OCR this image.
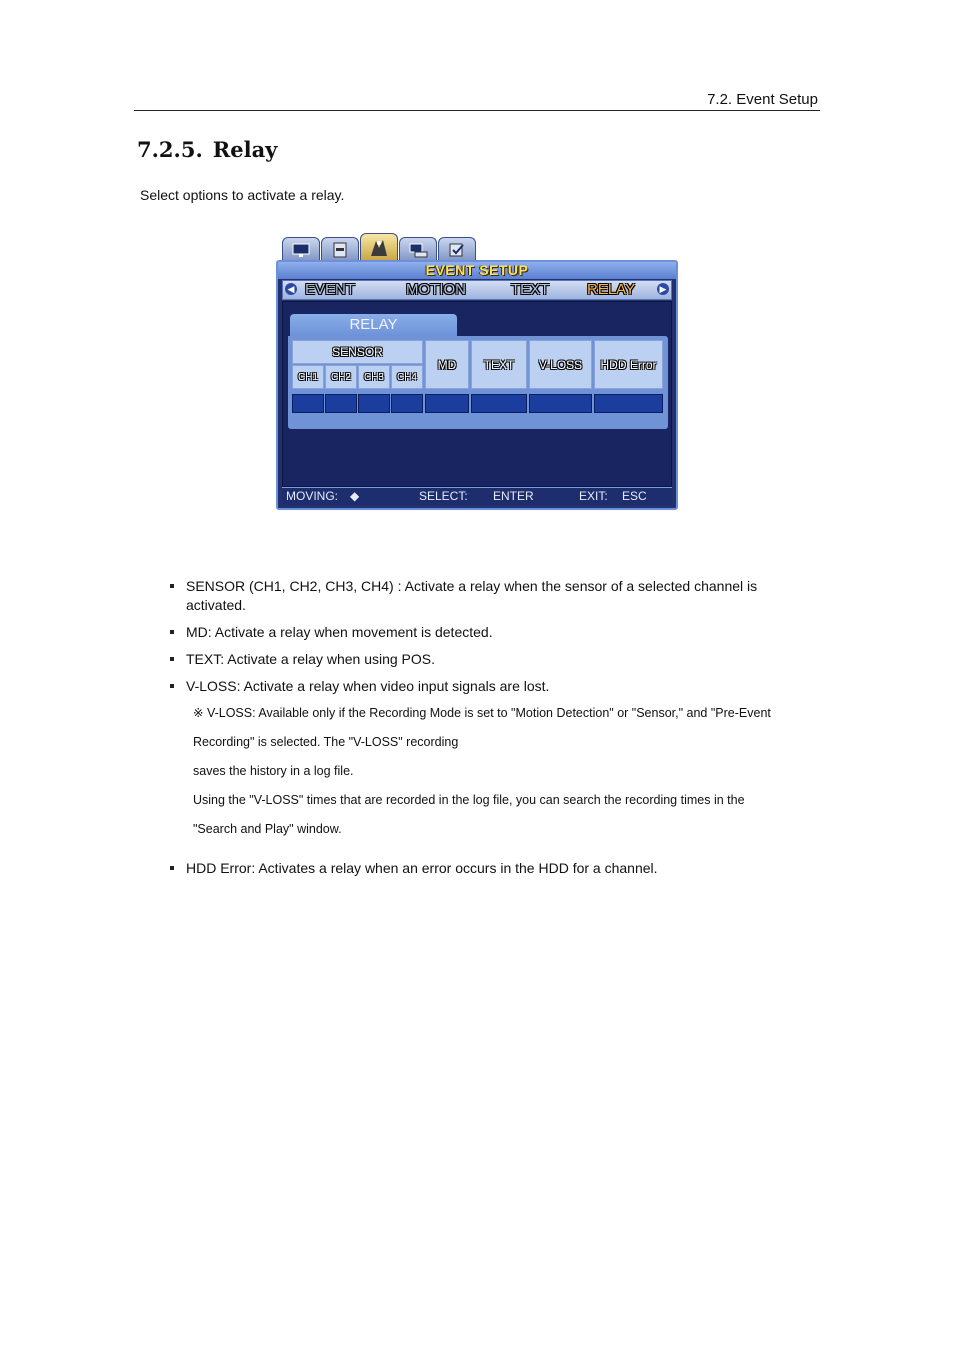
7.2. Event Setup
7.2.5. Relay
Select options to activate a relay.
EVENT SETUP
◀ EVENT	MOTION	TEXT	RELAY	▶
RELAY
SENSOR
CH1	CH2	CH3	CH4
MD	TEXT	V-LOSS	HDD Error
MOVING: ◆	SELECT: ENTER	EXIT: ESC
SENSOR (CH1, CH2, CH3, CH4) : Activate a relay when the sensor of a selected channel is activated.
MD: Activate a relay when movement is detected.
TEXT: Activate a relay when using POS.
V-LOSS: Activate a relay when video input signals are lost.
※ V-LOSS: Available only if the Recording Mode is set to "Motion Detection" or "Sensor," and "Pre-Event
Recording" is selected. The "V-LOSS" recording
saves the history in a log file.
Using the "V-LOSS" times that are recorded in the log file, you can search the recording times in the
"Search and Play" window.
HDD Error: Activates a relay when an error occurs in the HDD for a channel.
